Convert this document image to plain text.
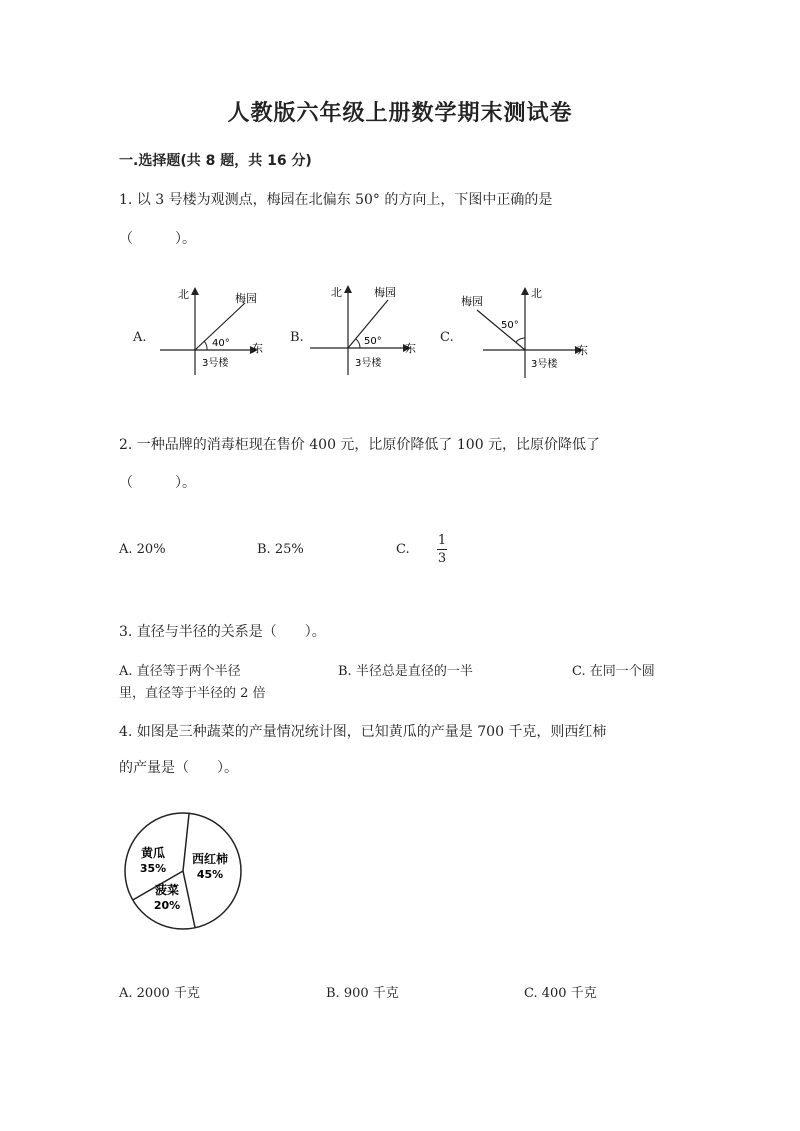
人教版六年级上册数学期末测试卷
一.选择题(共 8 题，共 16 分)
1. 以 3 号楼为观测点，梅园在北偏东 50° 的方向上，下图中正确的是
（　　　）。
A.
北
东
梅园
40°
3号楼
B.
北
东
梅园
50°
3号楼
C.
北
东
梅园
50°
3号楼
2. 一种品牌的消毒柜现在售价 400 元，比原价降低了 100 元，比原价降低了
（　　　）。
A. 20%	B. 25%	C.
1
3
3. 直径与半径的关系是（　　）。
A. 直径等于两个半径	B. 半径总是直径的一半	C. 在同一个圆
里，直径等于半径的 2 倍
4. 如图是三种蔬菜的产量情况统计图，已知黄瓜的产量是 700 千克，则西红柿
的产量是（　　）。
西红柿
45%
菠菜
20%
黄瓜
35%
A. 2000 千克	B. 900 千克	C. 400 千克
